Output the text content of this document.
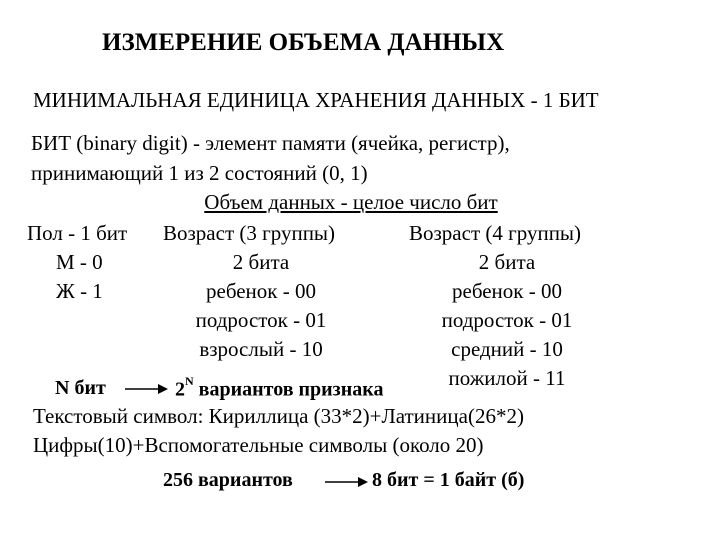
ИЗМЕРЕНИЕ ОБЪЕМА ДАННЫХ
МИНИМАЛЬНАЯ ЕДИНИЦА ХРАНЕНИЯ ДАННЫХ - 1 БИТ
БИТ (binary digit) - элемент памяти (ячейка, регистр),
принимающий 1 из 2 состояний (0, 1)
Объем данных - целое число бит
Пол - 1 бит
М - 0
Ж - 1
Возраст (3 группы)
2 бита
ребенок - 00
подросток - 01
взрослый - 10
Возраст (4 группы)
2 бита
ребенок - 00
подросток - 01
средний - 10
пожилой - 11
N бит	$2^N$ вариантов признака
Текстовый символ: Кириллица (33*2)+Латиница(26*2)
Цифры(10)+Вспомогательные символы (около 20)
256 вариантов	8 бит = 1 байт (б)
